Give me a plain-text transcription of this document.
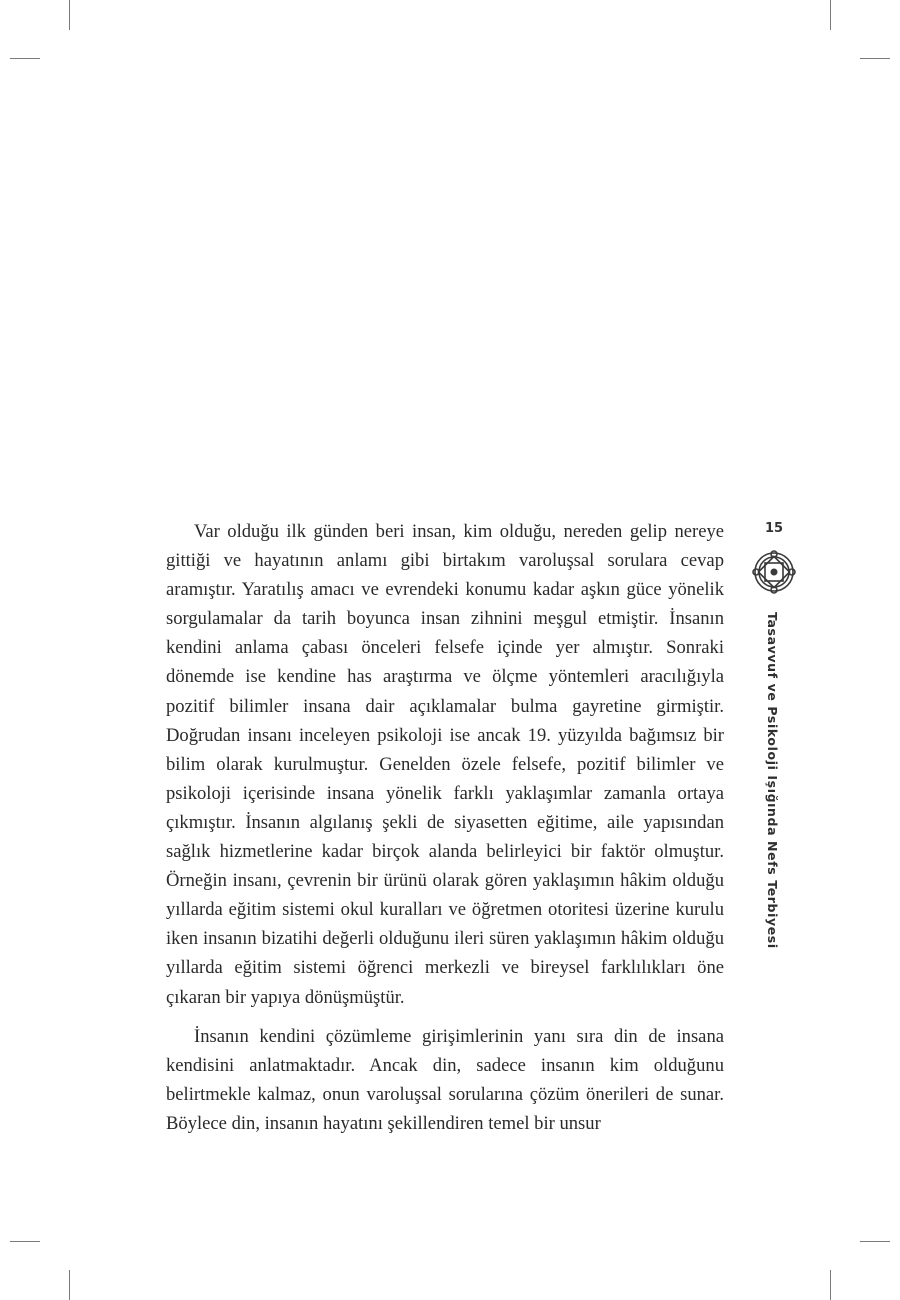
Var olduğu ilk günden beri insan, kim olduğu, nereden gelip nereye gittiği ve hayatının anlamı gibi birtakım varoluşsal sorulara cevap aramıştır. Yaratılış amacı ve evrendeki konumu kadar aşkın güce yönelik sorgulamalar da tarih boyunca insan zihnini meşgul etmiştir. İnsanın kendini anlama çabası önceleri felsefe içinde yer almıştır. Sonraki dönemde ise kendine has araştırma ve ölçme yöntemleri aracılığıyla pozitif bilimler insana dair açıklamalar bulma gayretine girmiştir. Doğrudan insanı inceleyen psikoloji ise ancak 19. yüzyılda bağımsız bir bilim olarak kurulmuştur. Genelden özele felsefe, pozitif bilimler ve psikoloji içerisinde insana yönelik farklı yaklaşımlar zamanla ortaya çıkmıştır. İnsanın algılanış şekli de siyasetten eğitime, aile yapısından sağlık hizmetlerine kadar birçok alanda belirleyici bir faktör olmuştur. Örneğin insanı, çevrenin bir ürünü olarak gören yaklaşımın hâkim olduğu yıllarda eğitim sistemi okul kuralları ve öğretmen otoritesi üzerine kurulu iken insanın bizatihi değerli olduğunu ileri süren yaklaşımın hâkim olduğu yıllarda eğitim sistemi öğrenci merkezli ve bireysel farklılıkları öne çıkaran bir yapıya dönüşmüştür.

İnsanın kendini çözümleme girişimlerinin yanı sıra din de insana kendisini anlatmaktadır. Ancak din, sadece insanın kim olduğunu belirtmekle kalmaz, onun varoluşsal sorularına çözüm önerileri de sunar. Böylece din, insanın hayatını şekillendiren temel bir unsur

15
Tasavvuf ve Psikoloji Işığında Nefs Terbiyesi
